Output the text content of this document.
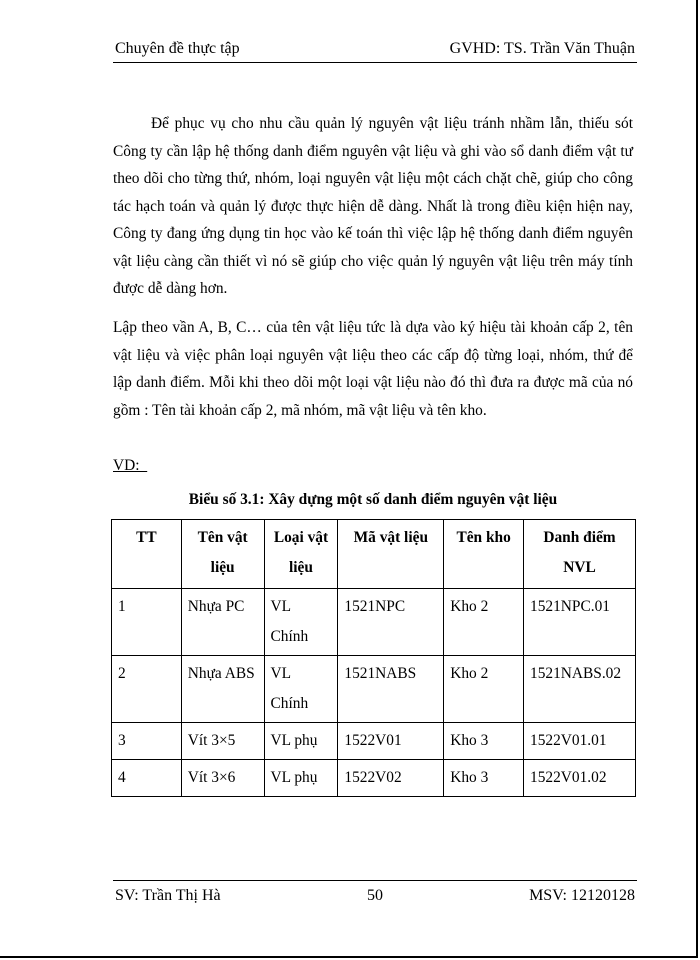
Chuyên đề thực tập	GVHD: TS. Trần Văn Thuận

Để phục vụ cho nhu cầu quản lý nguyên vật liệu tránh nhầm lẫn, thiếu sót Công ty cần lập hệ thống danh điểm nguyên vật liệu và ghi vào sổ danh điểm vật tư theo dõi cho từng thứ, nhóm, loại nguyên vật liệu một cách chặt chẽ, giúp cho công tác hạch toán và quản lý được thực hiện dễ dàng. Nhất là trong điều kiện hiện nay, Công ty đang ứng dụng tin học vào kế toán thì việc lập hệ thống danh điểm nguyên vật liệu càng cần thiết vì nó sẽ giúp cho việc quản lý nguyên vật liệu trên máy tính được dễ dàng hơn.

Lập theo vần A, B, C… của tên vật liệu tức là dựa vào ký hiệu tài khoản cấp 2, tên vật liệu và việc phân loại nguyên vật liệu theo các cấp độ từng loại, nhóm, thứ để lập danh điểm. Mỗi khi theo dõi một loại vật liệu nào đó thì đưa ra được mã của nó gồm : Tên tài khoản cấp 2, mã nhóm, mã vật liệu và tên kho.

VD:
Biểu số 3.1: Xây dựng một số danh điểm nguyên vật liệu
TT	Tên vật liệu	Loại vật liệu	Mã vật liệu	Tên kho	Danh điểm NVL
1	Nhựa PC	VL Chính	1521NPC	Kho 2	1521NPC.01
2	Nhựa ABS	VL Chính	1521NABS	Kho 2	1521NABS.02
3	Vít 3×5	VL phụ	1522V01	Kho 3	1522V01.01
4	Vít 3×6	VL phụ	1522V02	Kho 3	1522V01.02
SV: Trần Thị Hà	50	MSV: 12120128
